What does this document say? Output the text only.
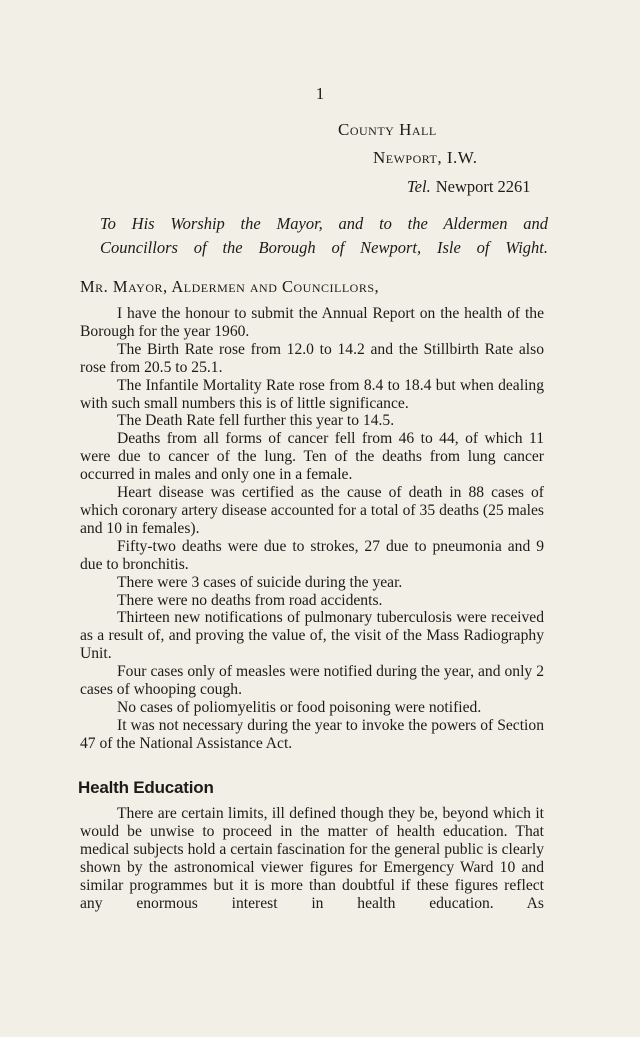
1
County Hall
Newport, I.W.
Tel. Newport 2261
To His Worship the Mayor, and to the Aldermen and
Councillors of the Borough of Newport, Isle of Wight.
Mr. Mayor, Aldermen and Councillors,

I have the honour to submit the Annual Report on the health of the Borough for the year 1960.

The Birth Rate rose from 12.0 to 14.2 and the Stillbirth Rate also rose from 20.5 to 25.1.

The Infantile Mortality Rate rose from 8.4 to 18.4 but when dealing with such small numbers this is of little significance.

The Death Rate fell further this year to 14.5.

Deaths from all forms of cancer fell from 46 to 44, of which 11 were due to cancer of the lung. Ten of the deaths from lung cancer occurred in males and only one in a female.

Heart disease was certified as the cause of death in 88 cases of which coronary artery disease accounted for a total of 35 deaths (25 males and 10 in females).

Fifty-two deaths were due to strokes, 27 due to pneumonia and 9 due to bronchitis.

There were 3 cases of suicide during the year.

There were no deaths from road accidents.

Thirteen new notifications of pulmonary tuberculosis were received as a result of, and proving the value of, the visit of the Mass Radiography Unit.

Four cases only of measles were notified during the year, and only 2 cases of whooping cough.

No cases of poliomyelitis or food poisoning were notified.

It was not necessary during the year to invoke the powers of Section 47 of the National Assistance Act.

Health Education

There are certain limits, ill defined though they be, beyond which it would be unwise to proceed in the matter of health education. That medical subjects hold a certain fascination for the general public is clearly shown by the astronomical viewer figures for Emergency Ward 10 and similar programmes but it is more than doubtful if these figures reflect any enormous interest in health education. As
